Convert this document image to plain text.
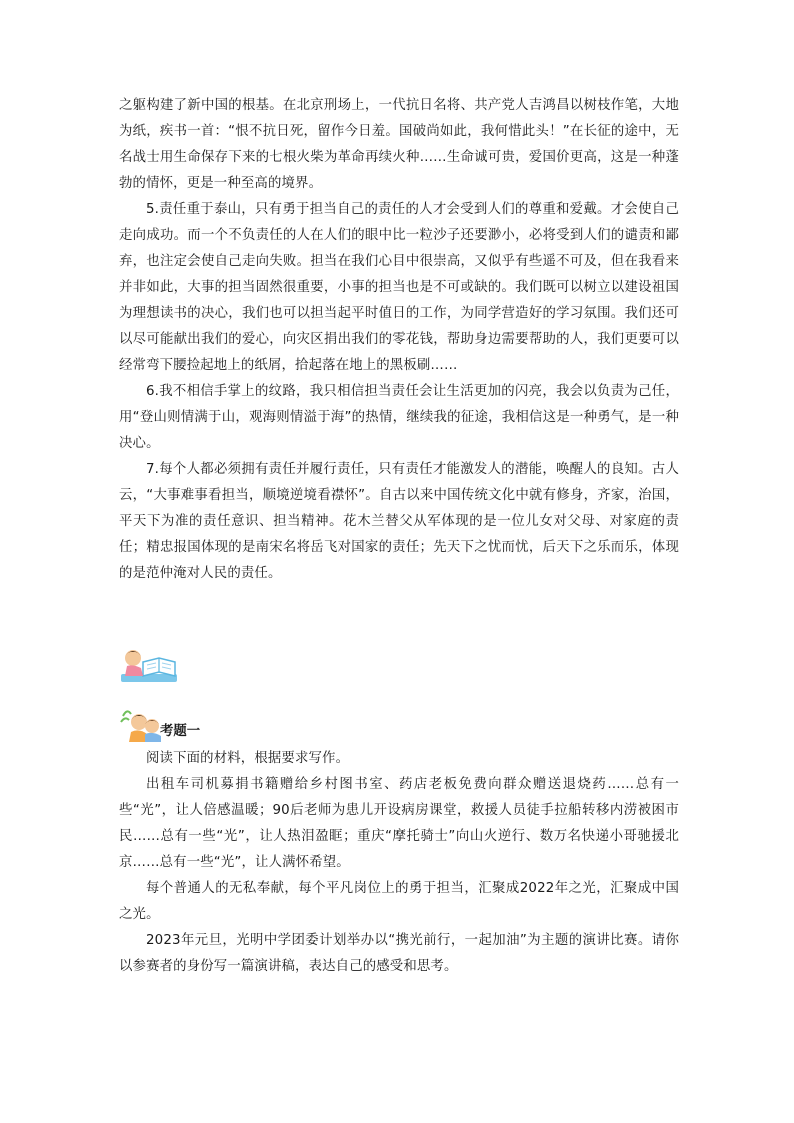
之躯构建了新中国的根基。在北京刑场上，一代抗日名将、共产党人吉鸿昌以树枝作笔，大地为纸，疾书一首：“恨不抗日死，留作今日羞。国破尚如此，我何惜此头！”在长征的途中，无名战士用生命保存下来的七根火柴为革命再续火种……生命诚可贵，爱国价更高，这是一种蓬勃的情怀，更是一种至高的境界。

5.责任重于泰山，只有勇于担当自己的责任的人才会受到人们的尊重和爱戴。才会使自己走向成功。而一个不负责任的人在人们的眼中比一粒沙子还要渺小，必将受到人们的谴责和鄙弃，也注定会使自己走向失败。担当在我们心目中很崇高，又似乎有些遥不可及，但在我看来并非如此，大事的担当固然很重要，小事的担当也是不可或缺的。我们既可以树立以建设祖国为理想读书的决心，我们也可以担当起平时值日的工作，为同学营造好的学习氛围。我们还可以尽可能献出我们的爱心，向灾区捐出我们的零花钱，帮助身边需要帮助的人，我们更要可以经常弯下腰捡起地上的纸屑，拾起落在地上的黑板刷……

6.我不相信手掌上的纹路，我只相信担当责任会让生活更加的闪亮，我会以负责为己任，用“登山则情满于山，观海则情溢于海”的热情，继续我的征途，我相信这是一种勇气，是一种决心。

7.每个人都必须拥有责任并履行责任，只有责任才能激发人的潜能，唤醒人的良知。古人云，“大事难事看担当，顺境逆境看襟怀”。自古以来中国传统文化中就有修身，齐家，治国，平天下为准的责任意识、担当精神。花木兰替父从军体现的是一位儿女对父母、对家庭的责任；精忠报国体现的是南宋名将岳飞对国家的责任；先天下之忧而忧，后天下之乐而乐，体现的是范仲淹对人民的责任。

考题一

阅读下面的材料，根据要求写作。

出租车司机募捐书籍赠给乡村图书室、药店老板免费向群众赠送退烧药……总有一些“光”，让人倍感温暖；90后老师为患儿开设病房课堂，救援人员徒手拉船转移内涝被困市民……总有一些“光”，让人热泪盈眶；重庆“摩托骑士”向山火逆行、数万名快递小哥驰援北京……总有一些“光”，让人满怀希望。

每个普通人的无私奉献，每个平凡岗位上的勇于担当，汇聚成2022年之光，汇聚成中国之光。

2023年元旦，光明中学团委计划举办以“携光前行，一起加油”为主题的演讲比赛。请你以参赛者的身份写一篇演讲稿，表达自己的感受和思考。
